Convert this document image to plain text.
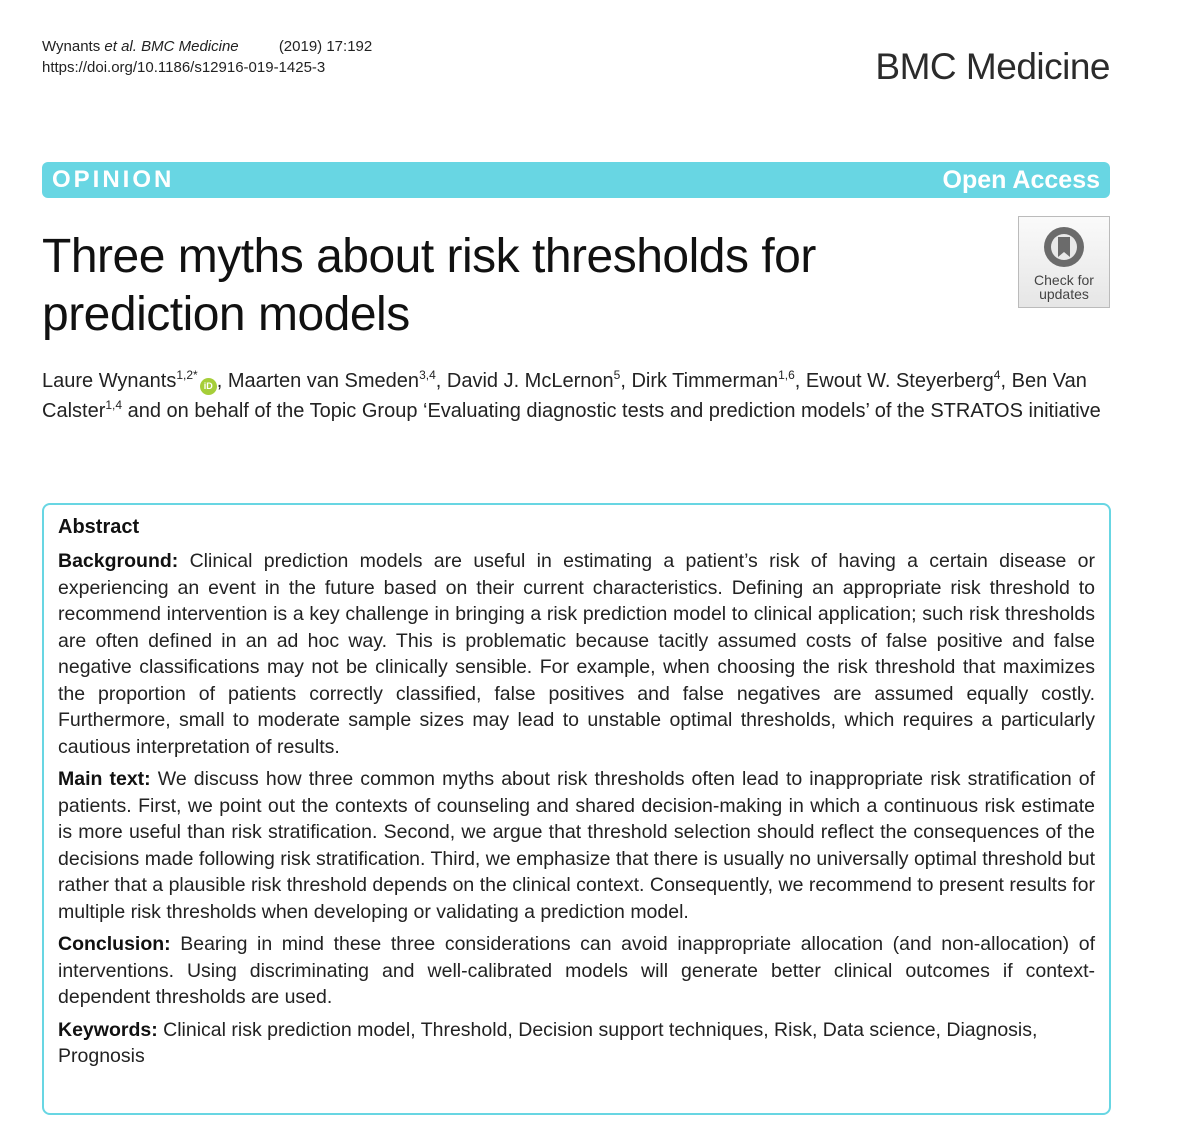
Wynants et al. BMC Medicine	(2019) 17:192
https://doi.org/10.1186/s12916-019-1425-3	BMC Medicine
OPINION	Open Access
Three myths about risk thresholds for prediction models
Check for
updates
Laure Wynants$^{1,2*}$iD , Maarten van Smeden$^{3,4}$, David J. McLernon$^5$, Dirk Timmerman$^{1,6}$, Ewout W. Steyerberg$^4$, Ben Van Calster$^{1,4}$ and on behalf of the Topic Group ‘Evaluating diagnostic tests and prediction models’ of the STRATOS initiative
Abstract

Background: Clinical prediction models are useful in estimating a patient’s risk of having a certain disease or experiencing an event in the future based on their current characteristics. Defining an appropriate risk threshold to recommend intervention is a key challenge in bringing a risk prediction model to clinical application; such risk thresholds are often defined in an ad hoc way. This is problematic because tacitly assumed costs of false positive and false negative classifications may not be clinically sensible. For example, when choosing the risk threshold that maximizes the proportion of patients correctly classified, false positives and false negatives are assumed equally costly. Furthermore, small to moderate sample sizes may lead to unstable optimal thresholds, which requires a particularly cautious interpretation of results.

Main text: We discuss how three common myths about risk thresholds often lead to inappropriate risk stratification of patients. First, we point out the contexts of counseling and shared decision-making in which a continuous risk estimate is more useful than risk stratification. Second, we argue that threshold selection should reflect the consequences of the decisions made following risk stratification. Third, we emphasize that there is usually no universally optimal threshold but rather that a plausible risk threshold depends on the clinical context. Consequently, we recommend to present results for multiple risk thresholds when developing or validating a prediction model.

Conclusion: Bearing in mind these three considerations can avoid inappropriate allocation (and non-allocation) of interventions. Using discriminating and well-calibrated models will generate better clinical outcomes if context-dependent thresholds are used.

Keywords: Clinical risk prediction model, Threshold, Decision support techniques, Risk, Data science, Diagnosis, Prognosis
